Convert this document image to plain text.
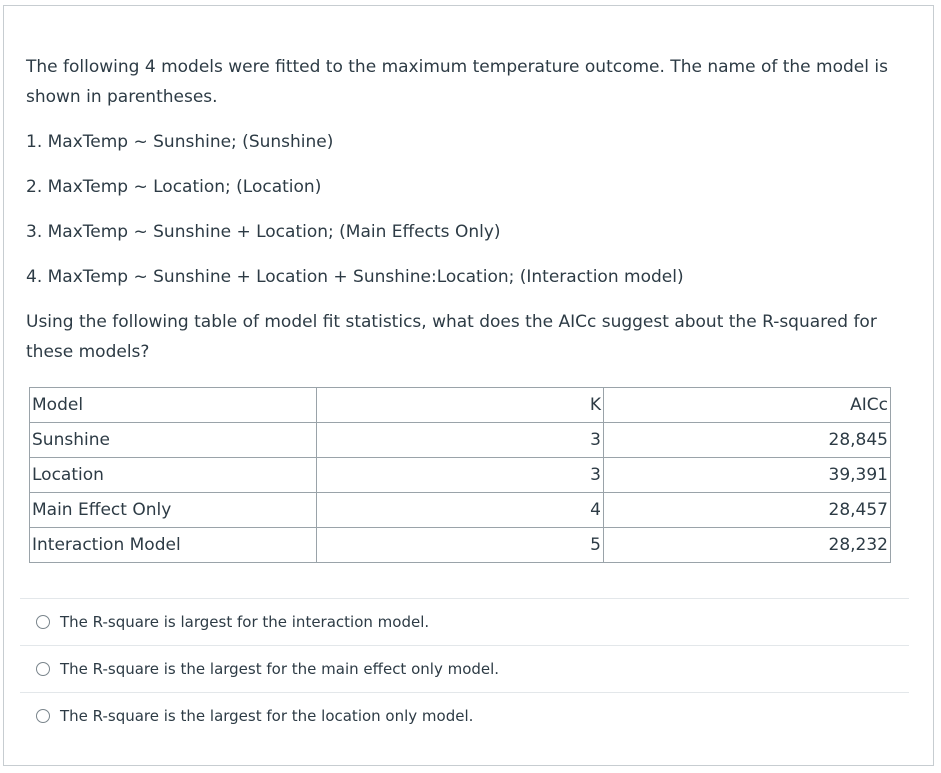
The following 4 models were fitted to the maximum temperature outcome. The name of the model is shown in parentheses.

1. MaxTemp ~ Sunshine; (Sunshine)

2. MaxTemp ~ Location; (Location)

3. MaxTemp ~ Sunshine + Location; (Main Effects Only)

4. MaxTemp ~ Sunshine + Location + Sunshine:Location; (Interaction model)

Using the following table of model fit statistics, what does the AICc suggest about the R-squared for these models?

Model	K	AICc
Sunshine	3	28,845
Location	3	39,391
Main Effect Only	4	28,457
Interaction Model	5	28,232
The R-square is largest for the interaction model.
The R-square is the largest for the main effect only model.
The R-square is the largest for the location only model.
